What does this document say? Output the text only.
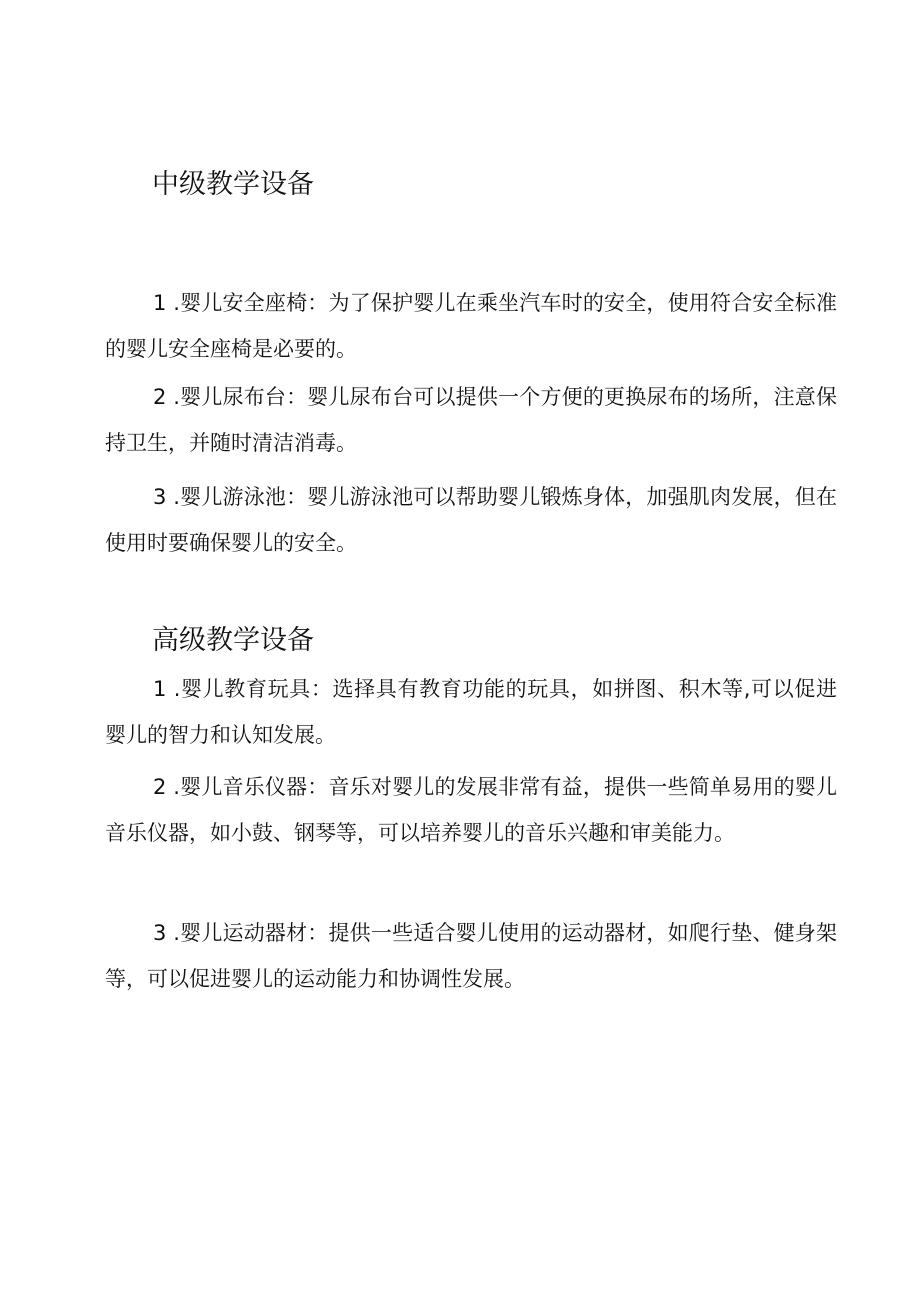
中级教学设备

1 .婴儿安全座椅：为了保护婴儿在乘坐汽车时的安全，使用符合安全标准的婴儿安全座椅是必要的。

2 .婴儿尿布台：婴儿尿布台可以提供一个方便的更换尿布的场所，注意保持卫生，并随时清洁消毒。

3 .婴儿游泳池：婴儿游泳池可以帮助婴儿锻炼身体，加强肌肉发展，但在使用时要确保婴儿的安全。

高级教学设备

1 .婴儿教育玩具：选择具有教育功能的玩具，如拼图、积木等,可以促进婴儿的智力和认知发展。

2 .婴儿音乐仪器：音乐对婴儿的发展非常有益，提供一些简单易用的婴儿音乐仪器，如小鼓、钢琴等，可以培养婴儿的音乐兴趣和审美能力。

3 .婴儿运动器材：提供一些适合婴儿使用的运动器材，如爬行垫、健身架等，可以促进婴儿的运动能力和协调性发展。
